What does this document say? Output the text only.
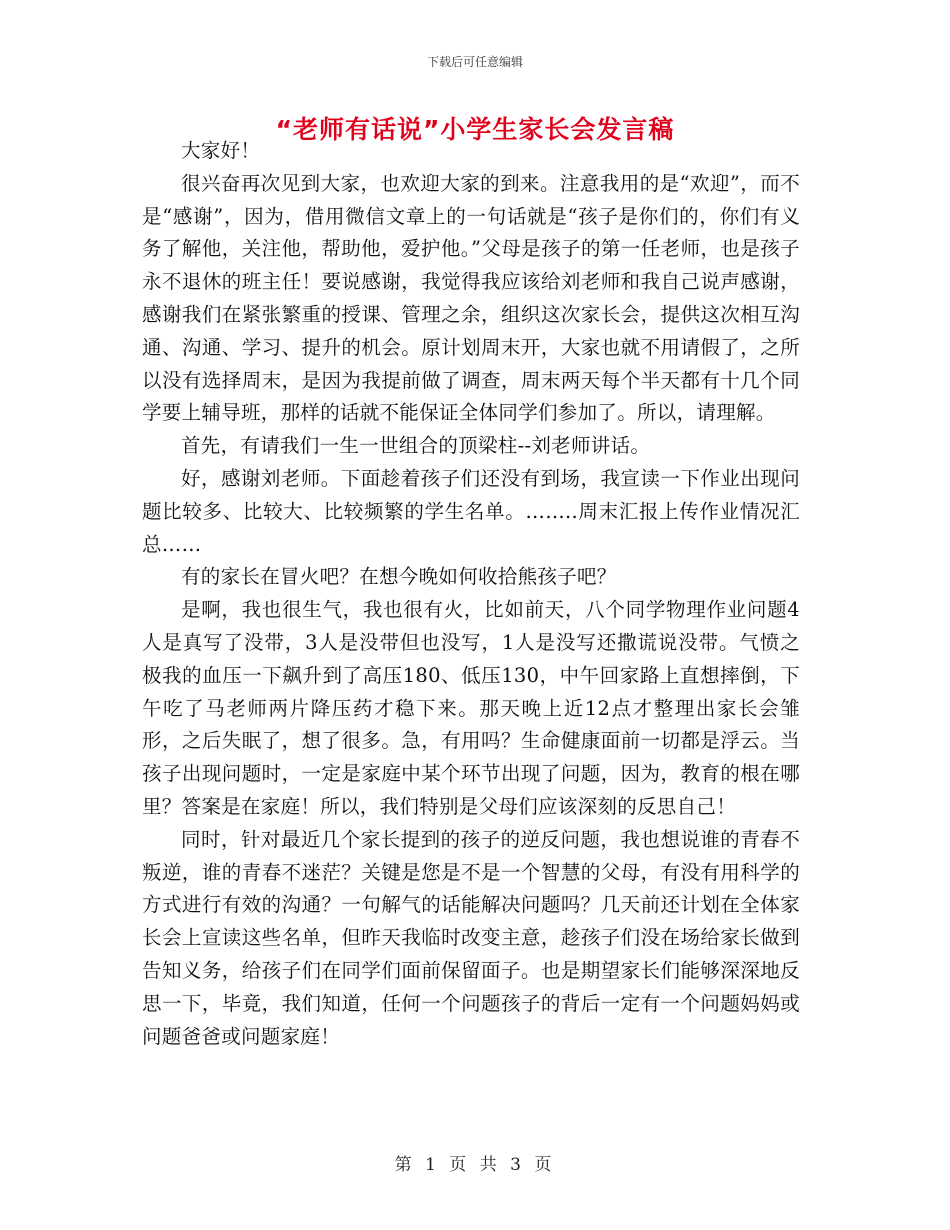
下载后可任意编辑
“老师有话说”小学生家长会发言稿

大家好！

很兴奋再次见到大家，也欢迎大家的到来。注意我用的是“欢迎”，而不是“感谢”，因为，借用微信文章上的一句话就是“孩子是你们的，你们有义务了解他，关注他，帮助他，爱护他。”父母是孩子的第一任老师，也是孩子永不退休的班主任！要说感谢，我觉得我应该给刘老师和我自己说声感谢，感谢我们在紧张繁重的授课、管理之余，组织这次家长会，提供这次相互沟通、沟通、学习、提升的机会。原计划周末开，大家也就不用请假了，之所以没有选择周末，是因为我提前做了调查，周末两天每个半天都有十几个同学要上辅导班，那样的话就不能保证全体同学们参加了。所以，请理解。

首先，有请我们一生一世组合的顶梁柱--刘老师讲话。

好，感谢刘老师。下面趁着孩子们还没有到场，我宣读一下作业出现问题比较多、比较大、比较频繁的学生名单。……..周末汇报上传作业情况汇总……

有的家长在冒火吧？在想今晚如何收拾熊孩子吧？

是啊，我也很生气，我也很有火，比如前天，八个同学物理作业问题4人是真写了没带，3人是没带但也没写，1人是没写还撒谎说没带。气愤之极我的血压一下飙升到了高压180、低压130，中午回家路上直想摔倒，下午吃了马老师两片降压药才稳下来。那天晚上近12点才整理出家长会雏形，之后失眠了，想了很多。急，有用吗？生命健康面前一切都是浮云。当孩子出现问题时，一定是家庭中某个环节出现了问题，因为，教育的根在哪里？答案是在家庭！所以，我们特别是父母们应该深刻的反思自己！

同时，针对最近几个家长提到的孩子的逆反问题，我也想说谁的青春不叛逆，谁的青春不迷茫？关键是您是不是一个智慧的父母，有没有用科学的方式进行有效的沟通？一句解气的话能解决问题吗？几天前还计划在全体家长会上宣读这些名单，但昨天我临时改变主意，趁孩子们没在场给家长做到告知义务，给孩子们在同学们面前保留面子。也是期望家长们能够深深地反思一下，毕竟，我们知道，任何一个问题孩子的背后一定有一个问题妈妈或问题爸爸或问题家庭！

第 1 页 共 3 页
